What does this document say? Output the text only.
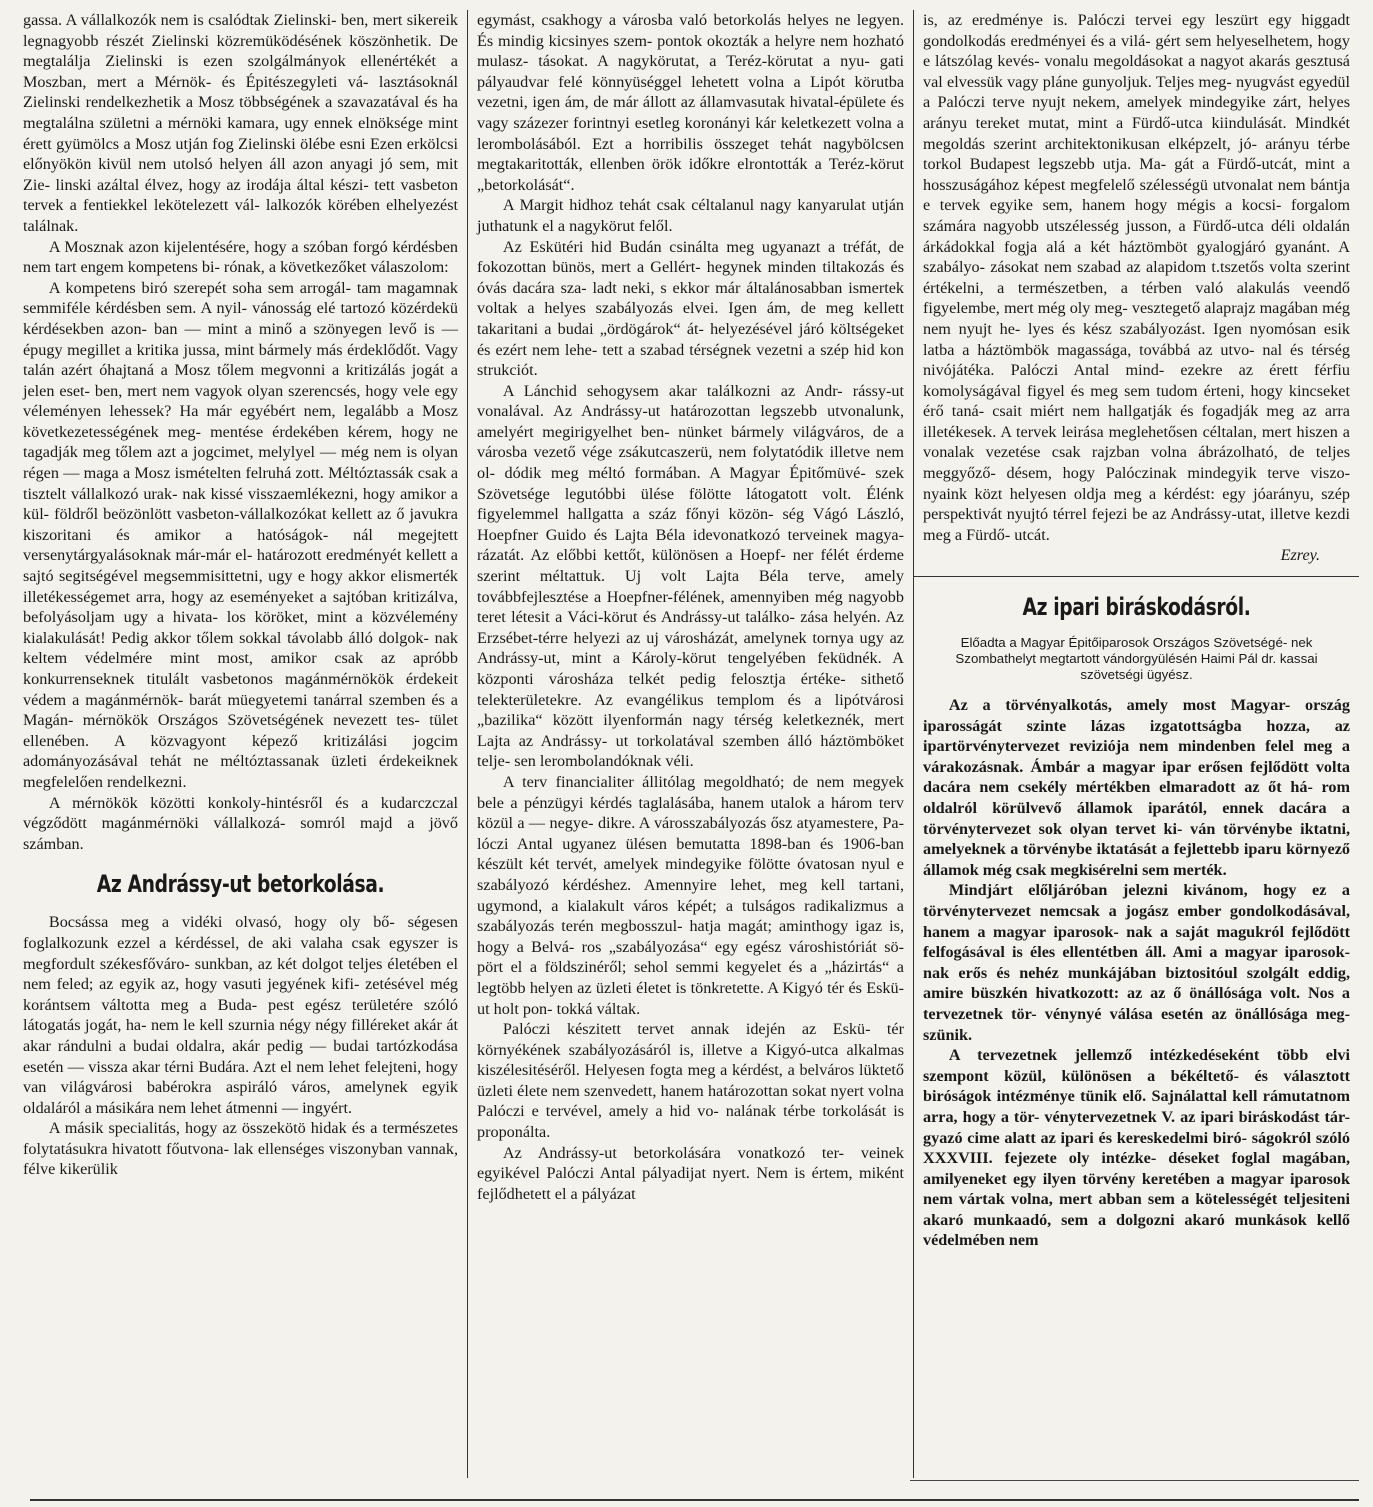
gassa. A vállalkozók nem is csalódtak Zielinski- ben, mert sikereik legnagyobb részét Zielinski közremüködésének köszönhetik. De megtalálja Zielinski is ezen szolgálmányok ellenértékét a Moszban, mert a Mérnök- és Épitészegyleti vá- lasztásoknál Zielinski rendelkezhetik a Mosz többségének a szavazatával és ha megtalálna születni a mérnöki kamara, ugy ennek elnöksége mint érett gyümölcs a Mosz utján fog Zielinski ölébe esni Ezen erkölcsi előnyökön kivül nem utolsó helyen áll azon anyagi jó sem, mit Zie- linski azáltal élvez, hogy az irodája által készi- tett vasbeton tervek a fentiekkel lekötelezett vál- lalkozók körében elhelyezést találnak.

A Mosznak azon kijelentésére, hogy a szóban forgó kérdésben nem tart engem kompetens bi- rónak, a következőket válaszolom:

A kompetens biró szerepét soha sem arrogál- tam magamnak semmiféle kérdésben sem. A nyil- vánosság elé tartozó közérdekü kérdésekben azon- ban — mint a minő a szönyegen levő is — épugy megillet a kritika jussa, mint bármely más érdeklődőt. Vagy talán azért óhajtaná a Mosz tőlem megvonni a kritizálás jogát a jelen eset- ben, mert nem vagyok olyan szerencsés, hogy vele egy véleményen lehessek? Ha már egyébért nem, legalább a Mosz következetességének meg- mentése érdekében kérem, hogy ne tagadják meg tőlem azt a jogcimet, melylyel — még nem is olyan régen — maga a Mosz ismételten felruhá zott. Méltóztassák csak a tisztelt vállalkozó urak- nak kissé visszaemlékezni, hogy amikor a kül- földről beözönlött vasbeton-vállalkozókat kellett az ő javukra kiszoritani és amikor a hatóságok- nál megejtett versenytárgyalásoknak már-már el- határozott eredményét kellett a sajtó segitségével megsemmisittetni, ugy e hogy akkor elismerték illetékességemet arra, hogy az eseményeket a sajtóban kritizálva, befolyásoljam ugy a hivata- los köröket, mint a közvélemény kialakulását! Pedig akkor tőlem sokkal távolabb álló dolgok- nak keltem védelmére mint most, amikor csak az apróbb konkurrenseknek titulált vasbetonos magánmérnökök érdekeit védem a magánmérnök- barát müegyetemi tanárral szemben és a Magán- mérnökök Országos Szövetségének nevezett tes- tület ellenében. A közvagyont képező kritizálási jogcim adományozásával tehát ne méltóztassanak üzleti érdekeiknek megfelelően rendelkezni.

A mérnökök közötti konkoly-hintésről és a kudarczczal végződött magánmérnöki vállalkozá- somról majd a jövő számban.

Az Andrássy-ut betorkolása.

Bocsássa meg a vidéki olvasó, hogy oly bő- ségesen foglalkozunk ezzel a kérdéssel, de aki valaha csak egyszer is megfordult székesfőváro- sunkban, az két dolgot teljes életében el nem feled; az egyik az, hogy vasuti jegyének kifi- zetésével még korántsem váltotta meg a Buda- pest egész területére szóló látogatás jogát, ha- nem le kell szurnia négy négy filléreket akár át akar rándulni a budai oldalra, akár pedig — budai tartózkodása esetén — vissza akar térni Budára. Azt el nem lehet felejteni, hogy van világvárosi babérokra aspiráló város, amelynek egyik oldaláról a másikára nem lehet átmenni — ingyért.

A másik specialitás, hogy az összekötö hidak és a természetes folytatásukra hivatott főutvona- lak ellenséges viszonyban vannak, félve kikerülik

egymást, csakhogy a városba való betorkolás helyes ne legyen. És mindig kicsinyes szem- pontok okozták a helyre nem hozható mulasz- tásokat. A nagykörutat, a Teréz-körutat a nyu- gati pályaudvar felé könnyüséggel lehetett volna a Lipót körutba vezetni, igen ám, de már állott az államvasutak hivatal-épülete és vagy százezer forintnyi esetleg koronányi kár keletkezett volna a lerombolásából. Ezt a horribilis összeget tehát nagybölcsen megtakaritották, ellenben örök időkre elrontották a Teréz-körut „betorkolását“.

A Margit hidhoz tehát csak céltalanul nagy kanyarulat utján juthatunk el a nagykörut felől.

Az Eskütéri hid Budán csinálta meg ugyanazt a tréfát, de fokozottan bünös, mert a Gellért- hegynek minden tiltakozás és óvás dacára sza- ladt neki, s ekkor már általánosabban ismertek voltak a helyes szabályozás elvei. Igen ám, de meg kellett takaritani a budai „ördögárok“ át- helyezésével járó költségeket és ezért nem lehe- tett a szabad térségnek vezetni a szép hid kon strukciót.

A Lánchid sehogysem akar találkozni az Andr- rássy-ut vonalával. Az Andrássy-ut határozottan legszebb utvonalunk, amelyért megirigyelhet ben- nünket bármely világváros, de a városba vezető vége zsákutcaszerü, nem folytatódik illetve nem ol- dódik meg méltó formában. A Magyar Épitőmüvé- szek Szövetsége legutóbbi ülése fölötte látogatott volt. Élénk figyelemmel hallgatta a száz főnyi közön- ség Vágó László, Hoepfner Guido és Lajta Béla idevonatkozó terveinek magya- rázatát. Az előbbi kettőt, különösen a Hoepf- ner félét érdeme szerint méltattuk. Uj volt Lajta Béla terve, amely továbbfejlesztése a Hoepfner-félének, amennyiben még nagyobb teret létesit a Váci-körut és Andrássy-ut találko- zása helyén. Az Erzsébet-térre helyezi az uj városházát, amelynek tornya ugy az Andrássy-ut, mint a Károly-körut tengelyében feküdnék. A központi városháza telkét pedig felosztja értéke- sithető telekterületekre. Az evangélikus templom és a lipótvárosi „bazilika“ között ilyenformán nagy térség keletkeznék, mert Lajta az Andrássy- ut torkolatával szemben álló háztömböket telje- sen lerombolandóknak véli.

A terv financialiter állitólag megoldható; de nem megyek bele a pénzügyi kérdés taglalásába, hanem utalok a három terv közül a — negye- dikre. A városszabályozás ősz atyamestere, Pa- lóczi Antal ugyanez ülésen bemutatta 1898-ban és 1906-ban készült két tervét, amelyek mindegyike fölötte óvatosan nyul e szabályozó kérdéshez. Amennyire lehet, meg kell tartani, ugymond, a kialakult város képét; a tulságos radikalizmus a szabályozás terén megbosszul- hatja magát; aminthogy igaz is, hogy a Belvá- ros „szabályozása“ egy egész városhistóriát sö- pört el a földszinéről; sehol semmi kegyelet és a „házirtás“ a legtöbb helyen az üzleti életet is tönkretette. A Kigyó tér és Eskü-ut holt pon- tokká váltak.

Palóczi készitett tervet annak idején az Eskü- tér környékének szabályozásáról is, illetve a Kigyó-utca alkalmas kiszélesitéséről. Helyesen fogta meg a kérdést, a belváros lüktető üzleti élete nem szenvedett, hanem határozottan sokat nyert volna Palóczi e tervével, amely a hid vo- nalának térbe torkolását is proponálta.

Az Andrássy-ut betorkolására vonatkozó ter- veinek egyikével Palóczi Antal pályadijat nyert. Nem is értem, miként fejlődhetett el a pályázat

is, az eredménye is. Palóczi tervei egy leszürt egy higgadt gondolkodás eredményei és a vilá- gért sem helyeselhetem, hogy e látszólag kevés- vonalu megoldásokat a nagyot akarás gesztusá val elvessük vagy pláne gunyoljuk. Teljes meg- nyugvást egyedül a Palóczi terve nyujt nekem, amelyek mindegyike zárt, helyes arányu tereket mutat, mint a Fürdő-utca kiindulását. Mindkét megoldás szerint architektonikusan elképzelt, jó- arányu térbe torkol Budapest legszebb utja. Ma- gát a Fürdő-utcát, mint a hosszuságához képest megfelelő szélességü utvonalat nem bántja e tervek egyike sem, hanem hogy mégis a kocsi- forgalom számára nagyobb utszélesség jusson, a Fürdő-utca déli oldalán árkádokkal fogja alá a két háztömböt gyalogjáró gyanánt. A szabályo- zásokat nem szabad az alapidom t.tszetős volta szerint értékelni, a természetben, a térben való alakulás veendő figyelembe, mert még oly meg- vesztegető alaprajz magában még nem nyujt he- lyes és kész szabályozást. Igen nyomósan esik latba a háztömbök magassága, továbbá az utvo- nal és térség nivójátéka. Palóczi Antal mind- ezekre az érett férfiu komolyságával figyel és meg sem tudom érteni, hogy kincseket érő taná- csait miért nem hallgatják és fogadják meg az arra illetékesek. A tervek leirása meglehetősen céltalan, mert hiszen a vonalak vezetése csak rajzban volna ábrázolható, de teljes meggyőző- désem, hogy Palóczinak mindegyik terve viszo- nyaink közt helyesen oldja meg a kérdést: egy jóarányu, szép perspektivát nyujtó térrel fejezi be az Andrássy-utat, illetve kezdi meg a Fürdő- utcát.

Ezrey.

Az ipari biráskodásról.

Előadta a Magyar Épitőiparosok Országos Szövetségé- nek Szombathelyt megtartott vándorgyülésén Haimi Pál dr. kassai szövetségi ügyész.

Az a törvényalkotás, amely most Magyar- ország iparosságát szinte lázas izgatottságba hozza, az ipartörvénytervezet reviziója nem mindenben felel meg a várakozásnak. Ámbár a magyar ipar erősen fejlődött volta dacára nem csekély mértékben elmaradott az őt há- rom oldalról körülvevő államok iparától, ennek dacára a törvénytervezet sok olyan tervet ki- ván törvénybe iktatni, amelyeknek a törvénybe iktatását a fejlettebb iparu környező államok még csak megkisérelni sem merték.

Mindjárt előljáróban jelezni kivánom, hogy ez a törvénytervezet nemcsak a jogász ember gondolkodásával, hanem a magyar iparosok- nak a saját magukról fejlődött felfogásával is éles ellentétben áll. Ami a magyar iparosok- nak erős és nehéz munkájában biztositóul szolgált eddig, amire büszkén hivatkozott: az az ő önállósága volt. Nos a tervezetnek tör- vénynyé válása esetén az önállósága meg- szünik.

A tervezetnek jellemző intézkedéseként több elvi szempont közül, különösen a békéltető- és választott biróságok intézménye tünik elő. Sajnálattal kell rámutatnom arra, hogy a tör- vénytervezetnek V. az ipari biráskodást tár- gyazó cime alatt az ipari és kereskedelmi biró- ságokról szóló XXXVIII. fejezete oly intézke- déseket foglal magában, amilyeneket egy ilyen törvény keretében a magyar iparosok nem vártak volna, mert abban sem a kötelességét teljesiteni akaró munkaadó, sem a dolgozni akaró munkások kellő védelmében nem
